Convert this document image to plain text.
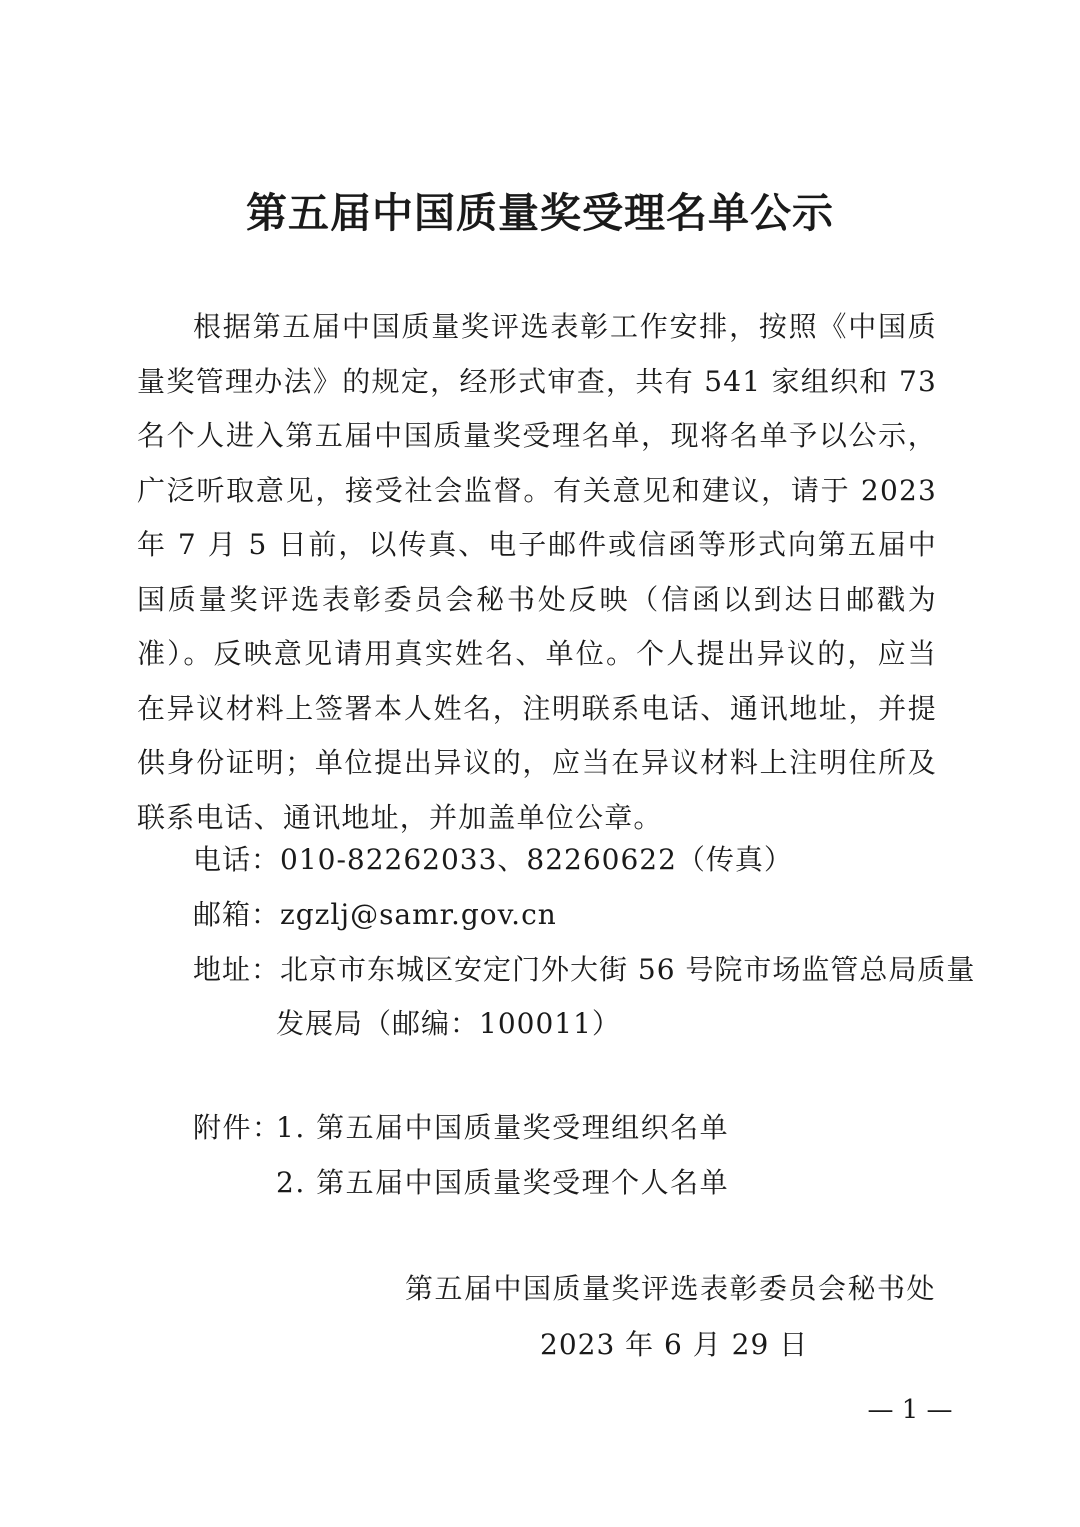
第五届中国质量奖受理名单公示

根据第五届中国质量奖评选表彰工作安排，按照《中国质量奖管理办法》的规定，经形式审查，共有 541 家组织和 73 名个人进入第五届中国质量奖受理名单，现将名单予以公示，广泛听取意见，接受社会监督。有关意见和建议，请于 2023 年 7 月 5 日前，以传真、电子邮件或信函等形式向第五届中国质量奖评选表彰委员会秘书处反映（信函以到达日邮戳为准）。反映意见请用真实姓名、单位。个人提出异议的，应当在异议材料上签署本人姓名，注明联系电话、通讯地址，并提供身份证明；单位提出异议的，应当在异议材料上注明住所及联系电话、通讯地址，并加盖单位公章。

电话：010-82262033、82260622（传真）
邮箱：zgzlj@samr.gov.cn
地址：北京市东城区安定门外大街 56 号院市场监管总局质量
发展局（邮编：100011）
附件：
1. 第五届中国质量奖受理组织名单
2. 第五届中国质量奖受理个人名单
第五届中国质量奖评选表彰委员会秘书处
2023 年 6 月 29 日
— 1 —
